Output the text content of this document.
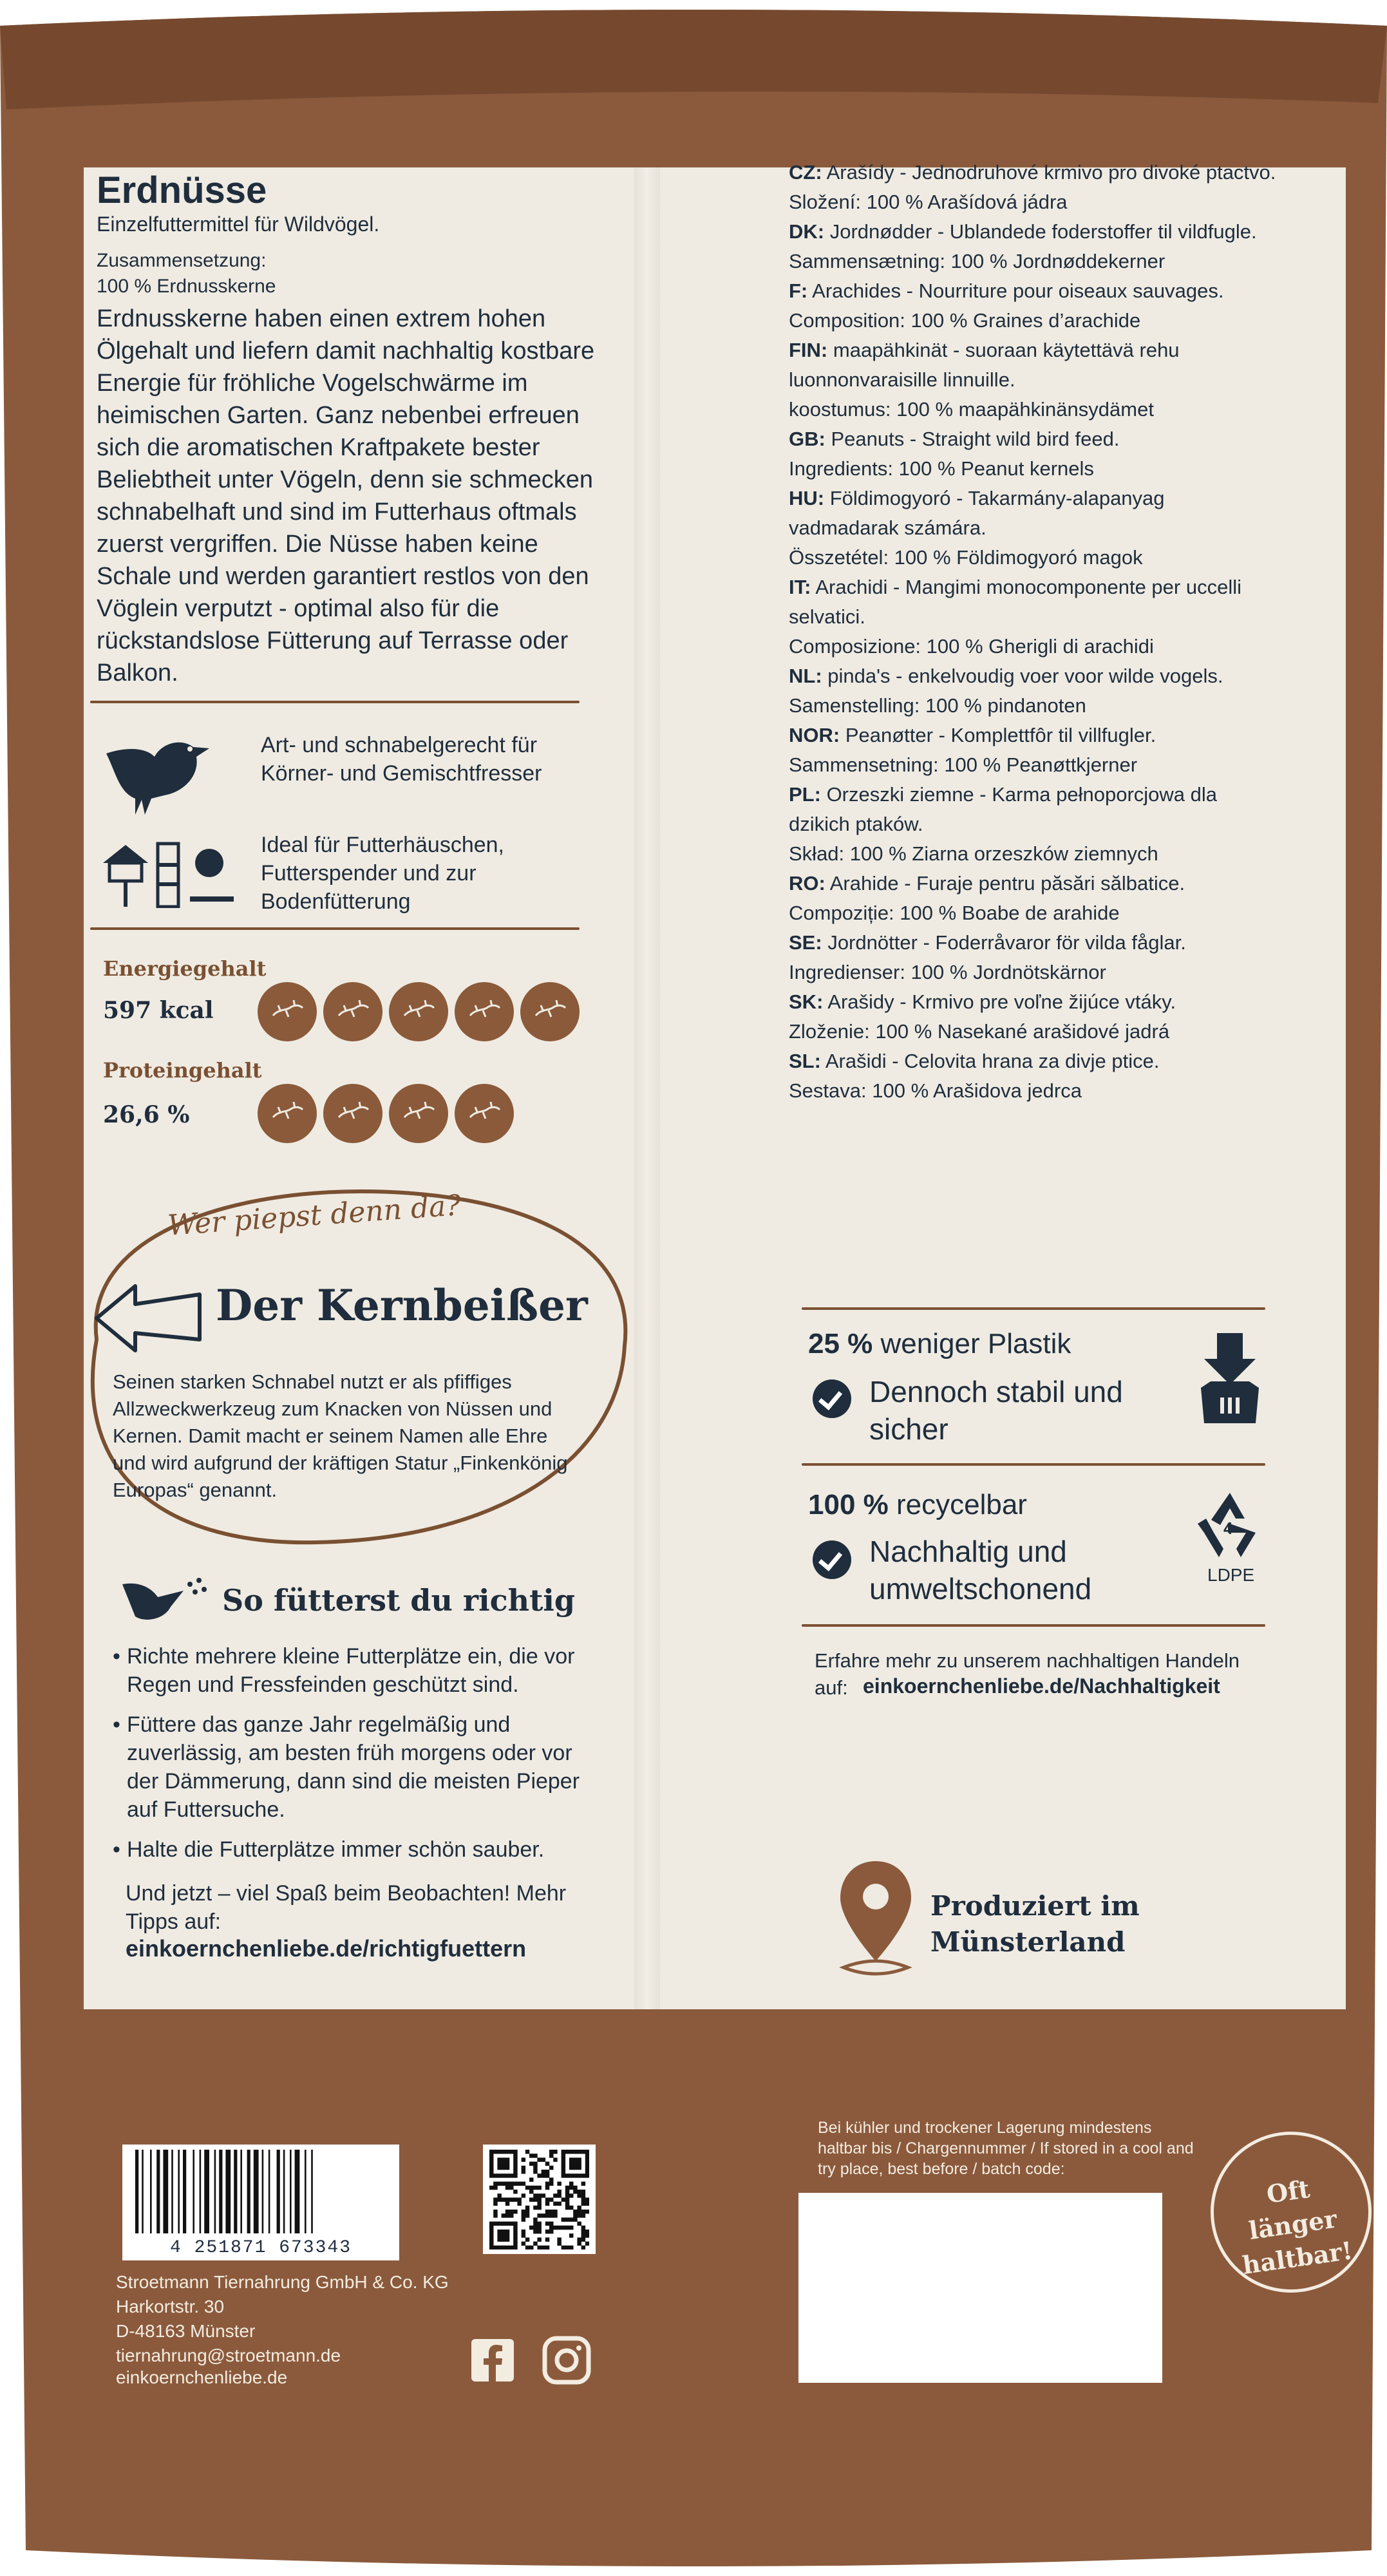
Erdnüsse
Einzelfuttermittel für Wildvögel.
Zusammensetzung:
100 % Erdnusskerne
Erdnusskerne haben einen extrem hohen Ölgehalt und liefern damit nachhaltig kostbare Energie für fröhliche Vogelschwärme im heimischen Garten. Ganz nebenbei erfreuen sich die aromatischen Kraftpakete bester Beliebtheit unter Vögeln, denn sie schmecken schnabelhaft und sind im Futterhaus oftmals zuerst vergriffen. Die Nüsse haben keine Schale und werden garantiert restlos von den Vöglein verputzt - optimal also für die rückstandslose Fütterung auf Terrasse oder Balkon.
Art- und schnabelgerecht für Körner- und Gemischtfresser
Ideal für Futterhäuschen, Futterspender und zur Bodenfütterung
Energiegehalt
597 kcal
Proteingehalt
26,6 %
Wer piepst denn da?
Der Kernbeißer
Seinen starken Schnabel nutzt er als pfiffiges Allzweckwerkzeug zum Knacken von Nüssen und Kernen. Damit macht er seinem Namen alle Ehre und wird aufgrund der kräftigen Statur „Finkenkönig Europas“ genannt.
So fütterst du richtig
• Richte mehrere kleine Futterplätze ein, die vor Regen und Fressfeinden geschützt sind.
• Füttere das ganze Jahr regelmäßig und zuverlässig, am besten früh morgens oder vor der Dämmerung, dann sind die meisten Pieper auf Futtersuche.
• Halte die Futterplätze immer schön sauber.
Und jetzt – viel Spaß beim Beobachten! Mehr Tipps auf:
einkoernchenliebe.de/richtigfuettern

CZ: Arašídy - Jednodruhové krmivo pro divoké ptactvo.

Složení: 100 % Arašídová jádra

DK: Jordnødder - Ublandede foderstoffer til vildfugle.

Sammensætning: 100 % Jordnøddekerner

F: Arachides - Nourriture pour oiseaux sauvages.

Composition: 100 % Graines d’arachide

FIN: maapähkinät - suoraan käytettävä rehu luonnonvaraisille linnuille.

koostumus: 100 % maapähkinänsydämet

GB: Peanuts - Straight wild bird feed.

Ingredients: 100 % Peanut kernels

HU: Földimogyoró - Takarmány-alapanyag vadmadarak számára.

Összetétel: 100 % Földimogyoró magok

IT: Arachidi - Mangimi monocomponente per uccelli selvatici.

Composizione: 100 % Gherigli di arachidi

NL: pinda's - enkelvoudig voer voor wilde vogels.

Samenstelling: 100 % pindanoten

NOR: Peanøtter - Komplettfôr til villfugler.

Sammensetning: 100 % Peanøttkjerner

PL: Orzeszki ziemne - Karma pełnoporcjowa dla dzikich ptaków.

Skład: 100 % Ziarna orzeszków ziemnych

RO: Arahide - Furaje pentru păsări sălbatice.

Compoziție: 100 % Boabe de arahide

SE: Jordnötter - Foderråvaror för vilda fåglar.

Ingredienser: 100 % Jordnötskärnor

SK: Arašidy - Krmivo pre voľne žijúce vtáky.

Zloženie: 100 % Nasekané arašidové jadrá

SL: Arašidi - Celovita hrana za divje ptice.

Sestava: 100 % Arašidova jedrca

25 % weniger Plastik
Dennoch stabil und sicher
100 % recycelbar
Nachhaltig und umweltschonend
4
LDPE
Erfahre mehr zu unserem nachhaltigen Handeln auf: einkoernchenliebe.de/Nachhaltigkeit
Produziert im Münsterland
Bei kühler und trockener Lagerung mindestens haltbar bis / Chargennummer / If stored in a cool and try place, best before / batch code:
Oft länger haltbar!
4 251871 673343
Stroetmann Tiernahrung GmbH & Co. KG
Harkortstr. 30
D-48163 Münster
tiernahrung@stroetmann.de
einkoernchenliebe.de
